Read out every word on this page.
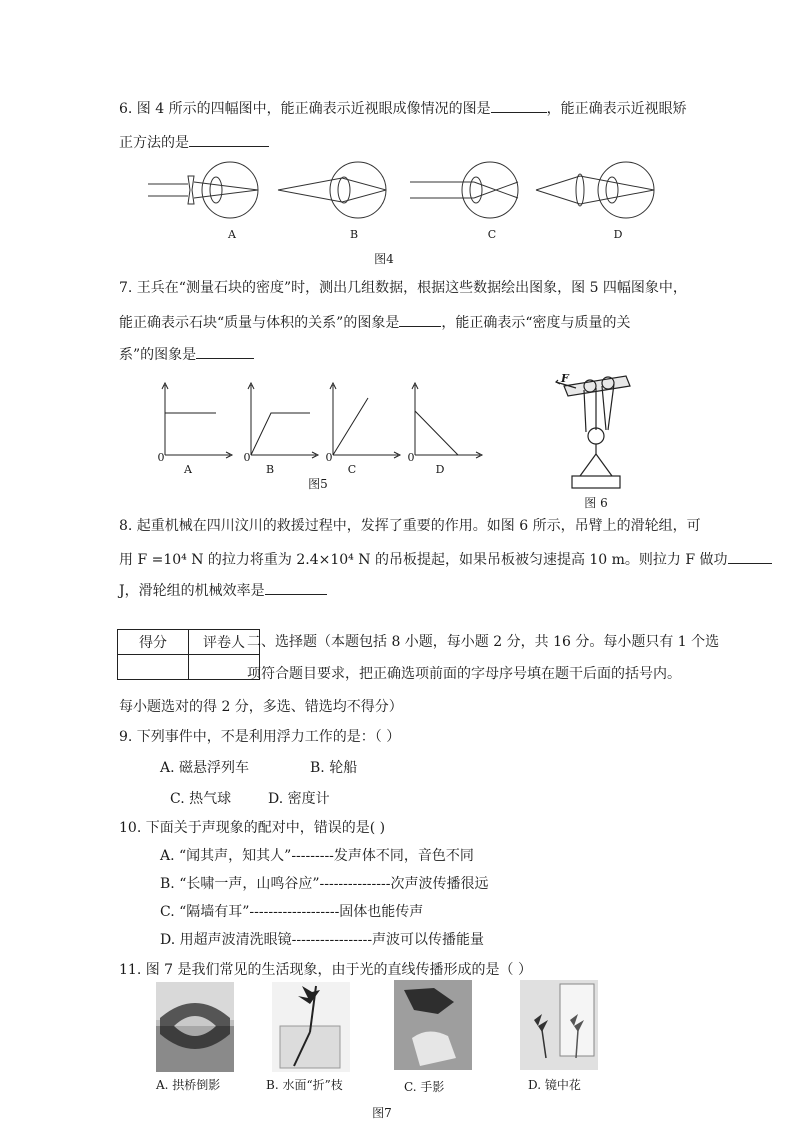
6. 图 4 所示的四幅图中，能正确表示近视眼成像情况的图是	，能正确表示近视眼矫
正方法的是
A	B	C	D
图4
7. 王兵在“测量石块的密度”时，测出几组数据，根据这些数据绘出图象，图 5 四幅图象中，
能正确表示石块“质量与体积的关系”的图象是	，能正确表示“密度与质量的关
系”的图象是
0	0	0	0
A	B	C	D
图5
F
图 6
8. 起重机械在四川汶川的救援过程中，发挥了重要的作用。如图 6 所示，吊臂上的滑轮组，可
用 F =10⁴ N 的拉力将重为 2.4×10⁴ N 的吊板提起，如果吊板被匀速提高 10 m。则拉力 F 做功
J，滑轮组的机械效率是
得分	评卷人
	二、选择题（本题包括 8 小题，每小题 2 分，共 16 分。每小题只有 1 个选
项符合题目要求，把正确选项前面的字母序号填在题干后面的括号内。
每小题选对的得 2 分，多选、错选均不得分）
9. 下列事件中，不是利用浮力工作的是：（ ）
A. 磁悬浮列车	B. 轮船
C. 热气球	D. 密度计
10. 下面关于声现象的配对中，错误的是( )
A. “闻其声，知其人”---------发声体不同，音色不同
B. “长啸一声，山鸣谷应”---------------次声波传播很远
C. “隔墙有耳”-------------------固体也能传声
D. 用超声波清洗眼镜-----------------声波可以传播能量
11. 图 7 是我们常见的生活现象，由于光的直线传播形成的是（ ）
A. 拱桥倒影	B. 水面“折”枝	C. 手影	D. 镜中花
图7
